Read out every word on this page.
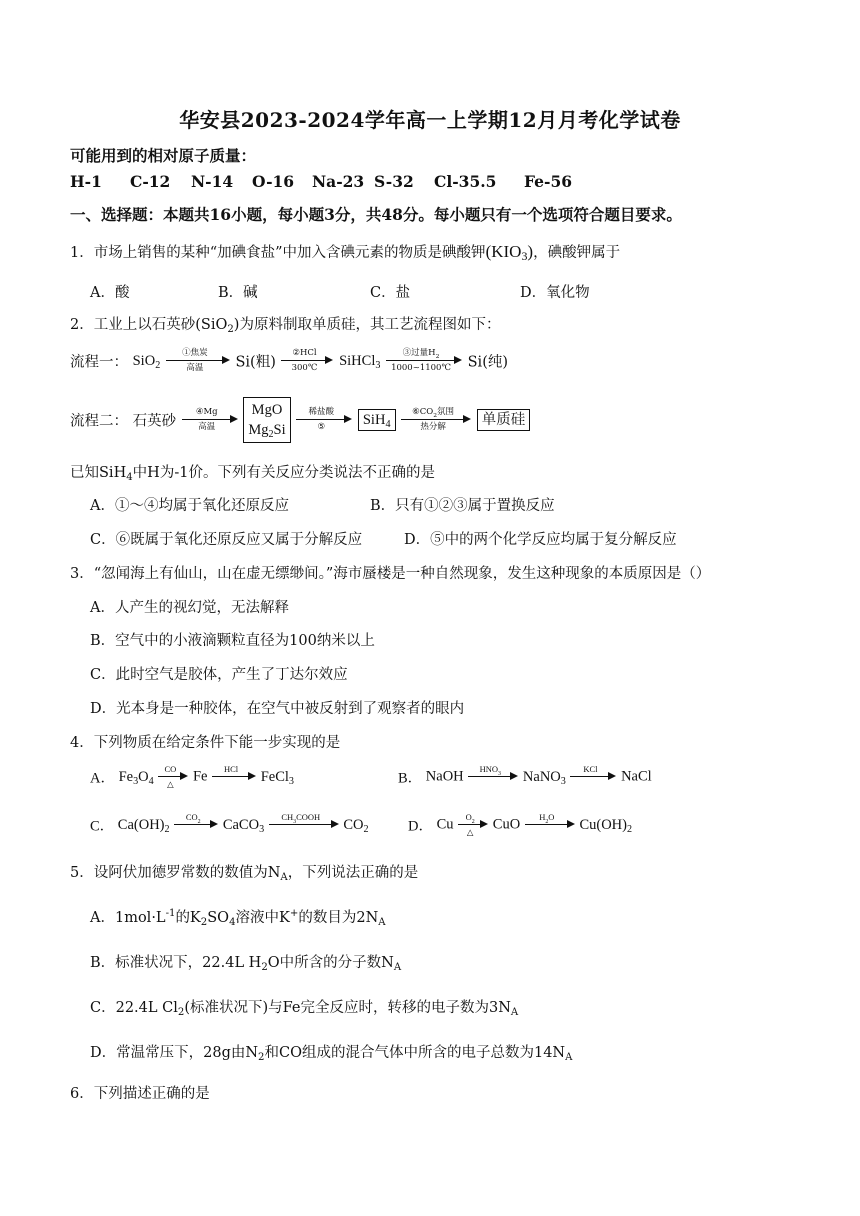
华安县2023-2024学年高一上学期12月月考化学试卷
可能用到的相对原子质量：
H-1 C-12 N-14 O-16 Na-23 S-32 Cl-35.5 Fe-56
一、选择题：本题共16小题，每小题3分，共48分。每小题只有一个选项符合题目要求。
1．市场上销售的某种“加碘食盐”中加入含碘元素的物质是碘酸钾$(KIO_3)$，碘酸钾属于
A．酸	B．碱	C．盐	D．氧化物
2．工业上以石英砂(SiO$_2$)为原料制取单质硅，其工艺流程图如下：
流程一： SiO$_2$
①焦炭
高温	Si(粗)
②HCl
300℃	SiHCl$_3$
③过量$H_2$
1000~1100℃	Si(纯)
流程二： 石英砂
④Mg
高温
MgO
$Mg_2Si$
稀盐酸
⑤	SiH$_4$
$⑥CO_2$氛围
热分解	单质硅
已知SiH$_4$中H为-1价。下列有关反应分类说法不正确的是
A．①～④均属于氧化还原反应	B．只有①②③属于置换反应
C．⑥既属于氧化还原反应又属于分解反应	D．⑤中的两个化学反应均属于复分解反应
3．“忽闻海上有仙山，山在虚无缥缈间。”海市蜃楼是一种自然现象，发生这种现象的本质原因是（）
A．人产生的视幻觉，无法解释
B．空气中的小液滴颗粒直径为100纳米以上
C．此时空气是胶体，产生了丁达尔效应
D．光本身是一种胶体，在空气中被反射到了观察者的眼内
4．下列物质在给定条件下能一步实现的是
A． $Fe_3O_4$
CO
△	Fe	HCl	FeCl$_3$	B． NaOH	$HNO_3$	NaNO$_3$
KCl	NaCl
C． $Ca(OH)_2$
$CO_2$	CaCO$_3$
$CH_3COOH$	$CO_2$	D． Cu	$O_2$
△	CuO	$H_2O$	$Cu(OH)_2$
5．设阿伏加德罗常数的数值为$N_A$，下列说法正确的是
A．$1mol\cdot L^{-1}$的$K_2SO_4$溶液中K+的数目为$2N_A$
B．标准状况下，22.4L $H_2O$中所含的分子数$N_A$
C．22.4L $Cl_2$(标准状况下)与Fe完全反应时，转移的电子数为$3N_A$
D．常温常压下，28g由$N_2$和CO组成的混合气体中所含的电子总数为$14N_A$
6．下列描述正确的是
